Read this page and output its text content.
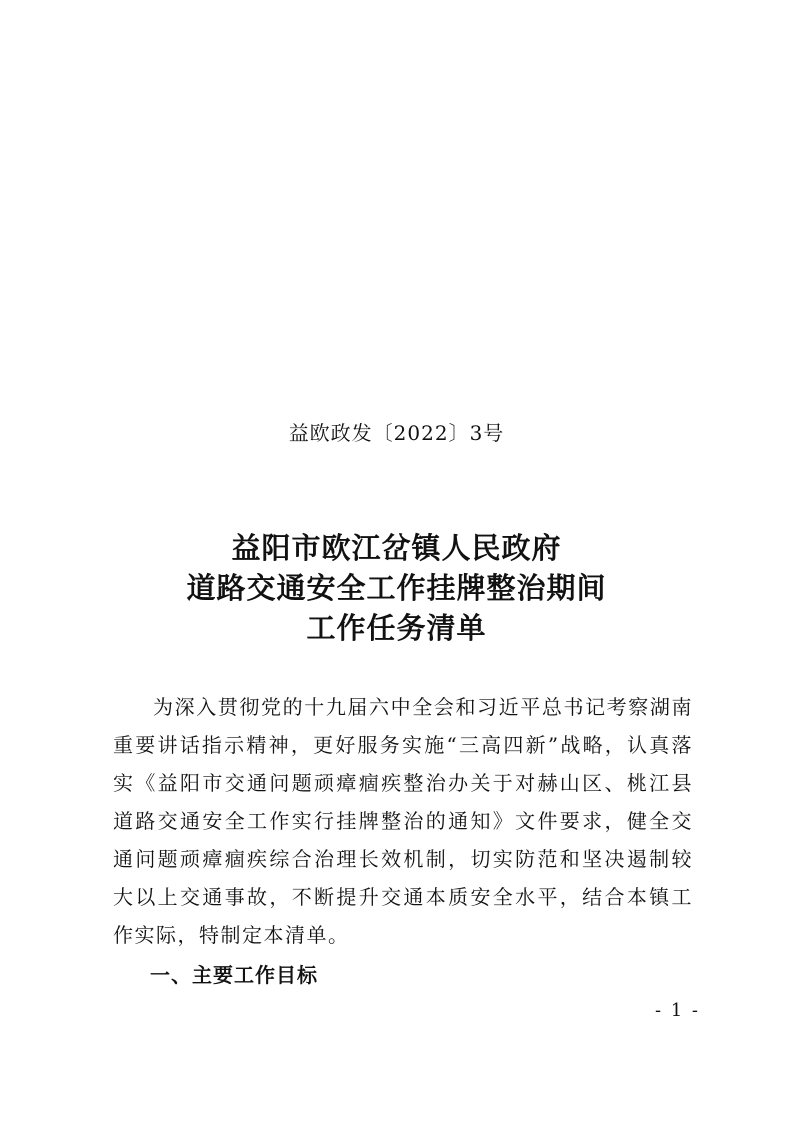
益欧政发〔2022〕3号
益阳市欧江岔镇人民政府
道路交通安全工作挂牌整治期间
工作任务清单

为深入贯彻党的十九届六中全会和习近平总书记考察湖南重要讲话指示精神，更好服务实施“三高四新”战略，认真落实《益阳市交通问题顽瘴痼疾整治办关于对赫山区、桃江县道路交通安全工作实行挂牌整治的通知》文件要求，健全交通问题顽瘴痼疾综合治理长效机制，切实防范和坚决遏制较大以上交通事故，不断提升交通本质安全水平，结合本镇工作实际，特制定本清单。

一、主要工作目标
- 1 -
